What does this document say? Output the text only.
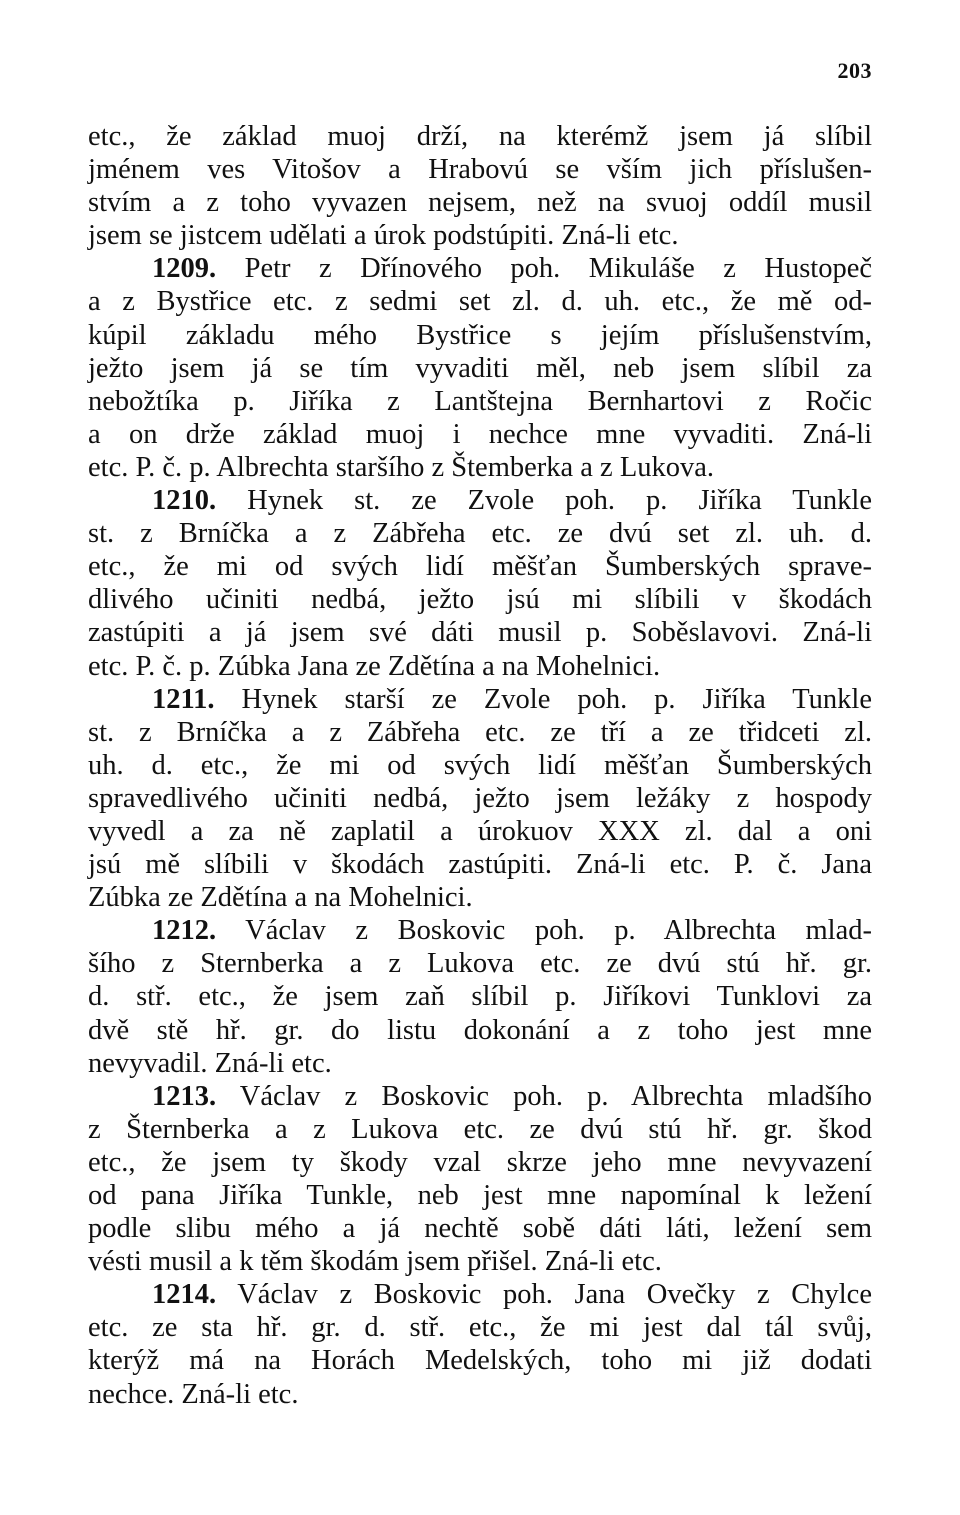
203
etc., že základ muoj drží, na kterémž jsem já slíbil
jménem ves Vitošov a Hrabovú se vším jich příslušen-
stvím a z toho vyvazen nejsem, než na svuoj oddíl musil
jsem se jistcem udělati a úrok podstúpiti. Zná-li etc.
1209. Petr z Dřínového poh. Mikuláše z Hustopeč
a z Bystřice etc. z sedmi set zl. d. uh. etc., že mě od-
kúpil základu mého Bystřice s jejím příslušenstvím,
ježto jsem já se tím vyvaditi měl, neb jsem slíbil za
nebožtíka p. Jiříka z Lantštejna Bernhartovi z Ročic
a on drže základ muoj i nechce mne vyvaditi. Zná-li
etc. P. č. p. Albrechta staršího z Štemberka a z Lukova.
1210. Hynek st. ze Zvole poh. p. Jiříka Tunkle
st. z Brníčka a z Zábřeha etc. ze dvú set zl. uh. d.
etc., že mi od svých lidí měšťan Šumberských sprave-
dlivého učiniti nedbá, ježto jsú mi slíbili v škodách
zastúpiti a já jsem své dáti musil p. Soběslavovi. Zná-li
etc. P. č. p. Zúbka Jana ze Zdětína a na Mohelnici.
1211. Hynek starší ze Zvole poh. p. Jiříka Tunkle
st. z Brníčka a z Zábřeha etc. ze tří a ze třidceti zl.
uh. d. etc., že mi od svých lidí měšťan Šumberských
spravedlivého učiniti nedbá, ježto jsem ležáky z hospody
vyvedl a za ně zaplatil a úrokuov XXX zl. dal a oni
jsú mě slíbili v škodách zastúpiti. Zná-li etc. P. č. Jana
Zúbka ze Zdětína a na Mohelnici.
1212. Václav z Boskovic poh. p. Albrechta mlad-
šího z Sternberka a z Lukova etc. ze dvú stú hř. gr.
d. stř. etc., že jsem zaň slíbil p. Jiříkovi Tunklovi za
dvě stě hř. gr. do listu dokonání a z toho jest mne
nevyvadil. Zná-li etc.
1213. Václav z Boskovic poh. p. Albrechta mladšího
z Šternberka a z Lukova etc. ze dvú stú hř. gr. škod
etc., že jsem ty škody vzal skrze jeho mne nevyvazení
od pana Jiříka Tunkle, neb jest mne napomínal k ležení
podle slibu mého a já nechtě sobě dáti láti, ležení sem
vésti musil a k těm škodám jsem přišel. Zná-li etc.
1214. Václav z Boskovic poh. Jana Ovečky z Chylce
etc. ze sta hř. gr. d. stř. etc., že mi jest dal tál svůj,
kterýž má na Horách Medelských, toho mi již dodati
nechce. Zná-li etc.
